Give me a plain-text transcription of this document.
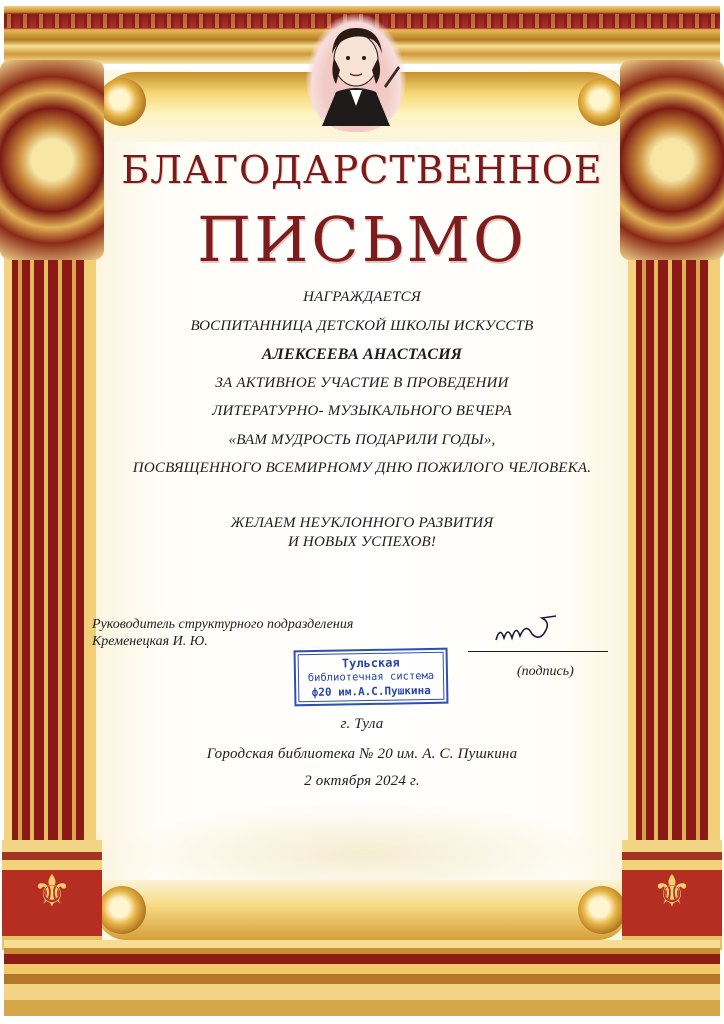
⚜	⚜
БЛАГОДАРСТВЕННОЕ
ПИСЬМО
НАГРАЖДАЕТСЯ
ВОСПИТАННИЦА ДЕТСКОЙ ШКОЛЫ ИСКУССТВ
АЛЕКСЕЕВА АНАСТАСИЯ
ЗА АКТИВНОЕ УЧАСТИЕ В ПРОВЕДЕНИИ
ЛИТЕРАТУРНО- МУЗЫКАЛЬНОГО ВЕЧЕРА
«ВАМ МУДРОСТЬ ПОДАРИЛИ ГОДЫ»,
ПОСВЯЩЕННОГО ВСЕМИРНОМУ ДНЮ ПОЖИЛОГО ЧЕЛОВЕКА.
ЖЕЛАЕМ НЕУКЛОННОГО РАЗВИТИЯ
И НОВЫХ УСПЕХОВ!
Руководитель структурного подразделения
Кременецкая И. Ю.
(подпись)
Тульская
библиотечная система
ф20 им.А.С.Пушкина
г. Тула
Городская библиотека № 20 им. А. С. Пушкина
2 октября 2024 г.
